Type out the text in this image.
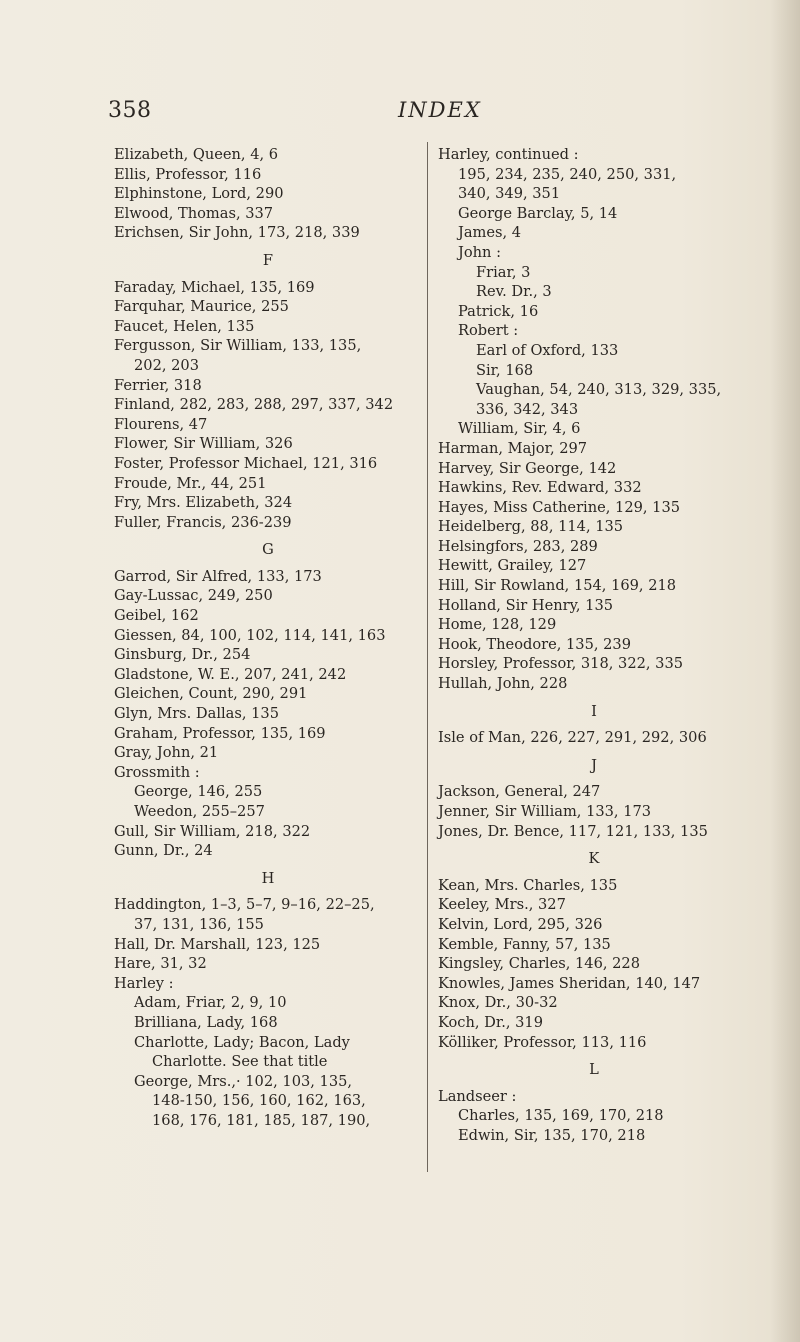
358	INDEX
Elizabeth, Queen, 4, 6
Ellis, Professor, 116
Elphinstone, Lord, 290
Elwood, Thomas, 337
Erichsen, Sir John, 173, 218, 339
F
Faraday, Michael, 135, 169
Farquhar, Maurice, 255
Faucet, Helen, 135
Fergusson, Sir William, 133, 135,
202, 203
Ferrier, 318
Finland, 282, 283, 288, 297, 337, 342
Flourens, 47
Flower, Sir William, 326
Foster, Professor Michael, 121, 316
Froude, Mr., 44, 251
Fry, Mrs. Elizabeth, 324
Fuller, Francis, 236-239
G
Garrod, Sir Alfred, 133, 173
Gay-Lussac, 249, 250
Geibel, 162
Giessen, 84, 100, 102, 114, 141, 163
Ginsburg, Dr., 254
Gladstone, W. E., 207, 241, 242
Gleichen, Count, 290, 291
Glyn, Mrs. Dallas, 135
Graham, Professor, 135, 169
Gray, John, 21
Grossmith :
George, 146, 255
Weedon, 255–257
Gull, Sir William, 218, 322
Gunn, Dr., 24
H
Haddington, 1–3, 5–7, 9–16, 22–25,
37, 131, 136, 155
Hall, Dr. Marshall, 123, 125
Hare, 31, 32
Harley :
Adam, Friar, 2, 9, 10
Brilliana, Lady, 168
Charlotte, Lady; Bacon, Lady
Charlotte. See that title
George, Mrs.,· 102, 103, 135,
148-150, 156, 160, 162, 163,
168, 176, 181, 185, 187, 190,
Harley, continued :
195, 234, 235, 240, 250, 331,
340, 349, 351
George Barclay, 5, 14
James, 4
John :
Friar, 3
Rev. Dr., 3
Patrick, 16
Robert :
Earl of Oxford, 133
Sir, 168
Vaughan, 54, 240, 313, 329, 335,
336, 342, 343
William, Sir, 4, 6
Harman, Major, 297
Harvey, Sir George, 142
Hawkins, Rev. Edward, 332
Hayes, Miss Catherine, 129, 135
Heidelberg, 88, 114, 135
Helsingfors, 283, 289
Hewitt, Grailey, 127
Hill, Sir Rowland, 154, 169, 218
Holland, Sir Henry, 135
Home, 128, 129
Hook, Theodore, 135, 239
Horsley, Professor, 318, 322, 335
Hullah, John, 228
I
Isle of Man, 226, 227, 291, 292, 306
J
Jackson, General, 247
Jenner, Sir William, 133, 173
Jones, Dr. Bence, 117, 121, 133, 135
K
Kean, Mrs. Charles, 135
Keeley, Mrs., 327
Kelvin, Lord, 295, 326
Kemble, Fanny, 57, 135
Kingsley, Charles, 146, 228
Knowles, James Sheridan, 140, 147
Knox, Dr., 30-32
Koch, Dr., 319
Kölliker, Professor, 113, 116
L
Landseer :
Charles, 135, 169, 170, 218
Edwin, Sir, 135, 170, 218
